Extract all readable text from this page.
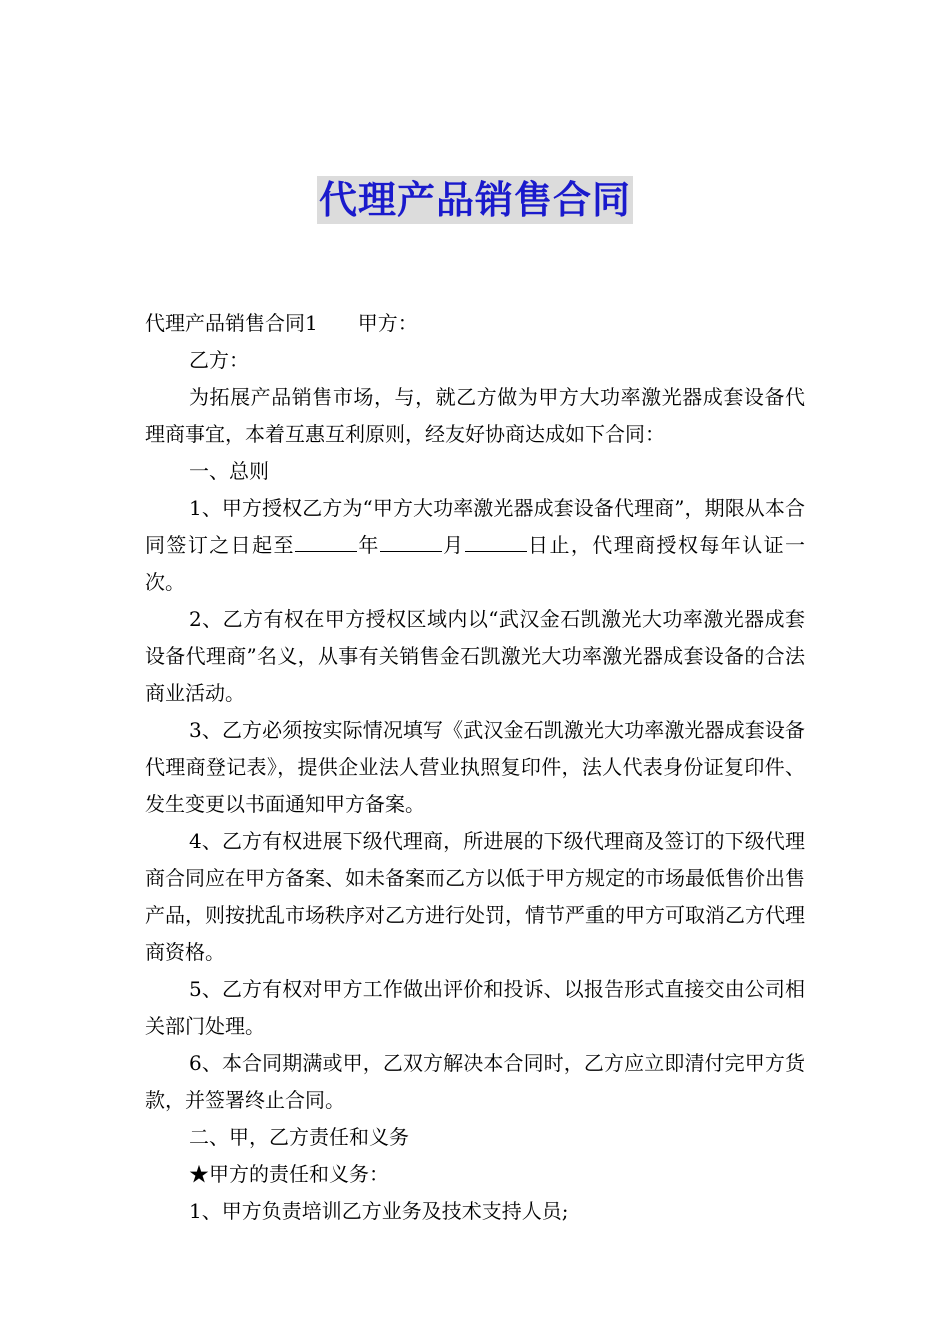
代理产品销售合同

代理产品销售合同1 甲方：

乙方：

为拓展产品销售市场，与，就乙方做为甲方大功率激光器成套设备代理商事宜，本着互惠互利原则，经友好协商达成如下合同：

一、总则

1、甲方授权乙方为“甲方大功率激光器成套设备代理商”，期限从本合同签订之日起至	年	月	日止，代理商授权每年认证一次。

2、乙方有权在甲方授权区域内以“武汉金石凯激光大功率激光器成套设备代理商”名义，从事有关销售金石凯激光大功率激光器成套设备的合法商业活动。

3、乙方必须按实际情况填写《武汉金石凯激光大功率激光器成套设备代理商登记表》，提供企业法人营业执照复印件，法人代表身份证复印件、发生变更以书面通知甲方备案。

4、乙方有权进展下级代理商，所进展的下级代理商及签订的下级代理商合同应在甲方备案、如未备案而乙方以低于甲方规定的市场最低售价出售产品，则按扰乱市场秩序对乙方进行处罚，情节严重的甲方可取消乙方代理商资格。

5、乙方有权对甲方工作做出评价和投诉、以报告形式直接交由公司相关部门处理。

6、本合同期满或甲，乙双方解决本合同时，乙方应立即清付完甲方货款，并签署终止合同。

二、甲，乙方责任和义务

★甲方的责任和义务：

1、甲方负责培训乙方业务及技术支持人员;
